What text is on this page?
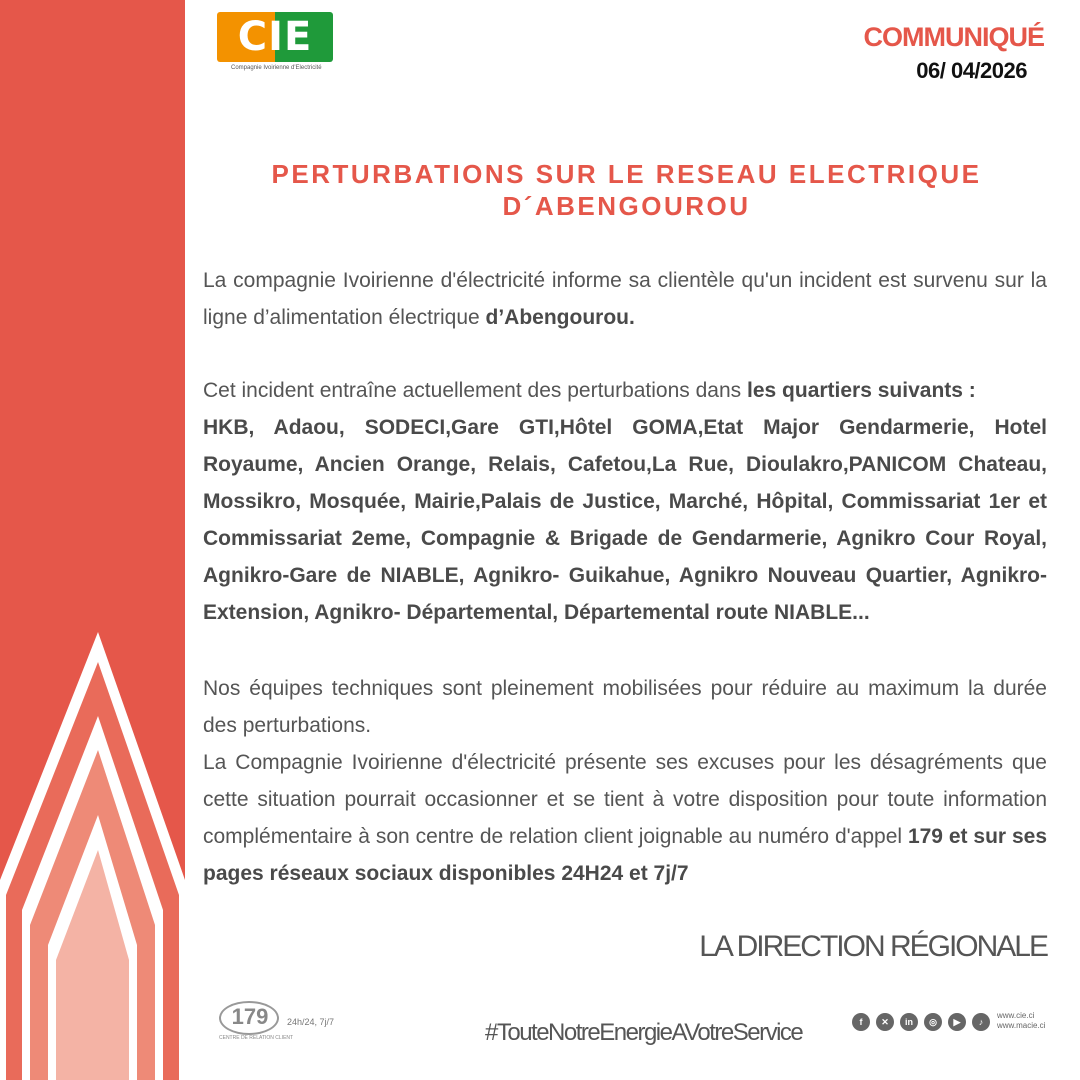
CIE
Compagnie Ivoirienne d'Electricité
COMMUNIQUÉ
06/ 04/2026
PERTURBATIONS SUR LE RESEAU ELECTRIQUE
D´ABENGOUROU
La compagnie Ivoirienne d'électricité informe sa clientèle qu'un incident est survenu sur la ligne d’alimentation électrique d’Abengourou.
Cet incident entraîne actuellement des perturbations dans les quartiers suivants :
HKB, Adaou, SODECI,Gare GTI,Hôtel GOMA,Etat Major Gendarmerie, Hotel Royaume, Ancien Orange, Relais, Cafetou,La Rue, Dioulakro,PANICOM Chateau, Mossikro, Mosquée, Mairie,Palais de Justice, Marché, Hôpital, Commissariat 1er et Commissariat 2eme, Compagnie & Brigade de Gendarmerie, Agnikro Cour Royal, Agnikro-Gare de NIABLE, Agnikro- Guikahue, Agnikro Nouveau Quartier, Agnikro-Extension, Agnikro- Départemental, Départemental route NIABLE...
Nos équipes techniques sont pleinement mobilisées pour réduire au maximum la durée des perturbations.
La Compagnie Ivoirienne d'électricité présente ses excuses pour les désagréments que cette situation pourrait occasionner et se tient à votre disposition pour toute information complémentaire à son centre de relation client joignable au numéro d'appel 179 et sur ses pages réseaux sociaux disponibles 24H24 et 7j/7
LA DIRECTION RÉGIONALE
179
CENTRE DE RELATION CLIENT
24h/24, 7j/7	#TouteNotreEnergieAVotreService	f	✕	in	◎	▶	♪
www.cie.ci
www.macie.ci
